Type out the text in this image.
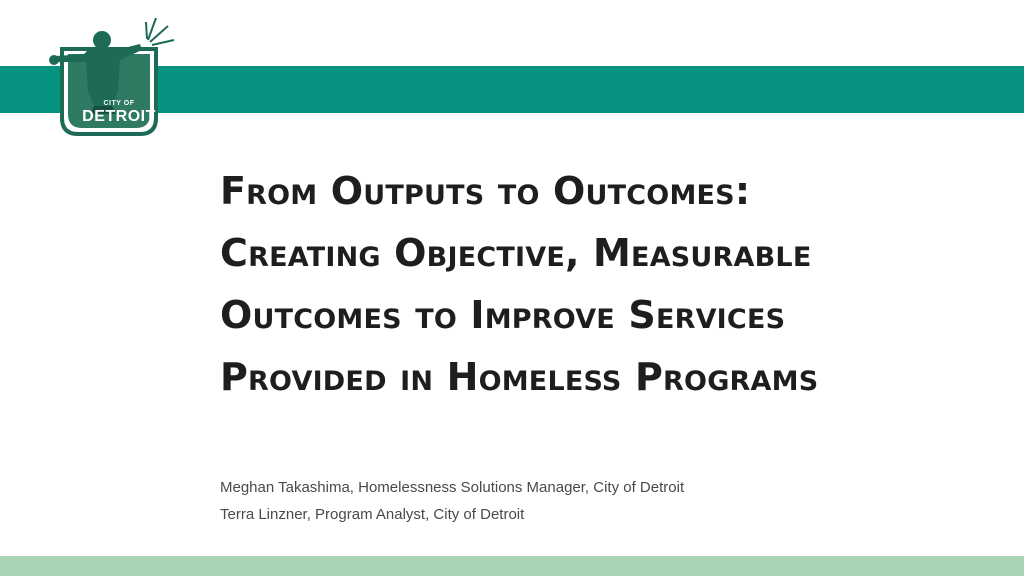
CITY OF
DETROIT
From Outputs to Outcomes:
Creating Objective, Measurable
Outcomes to Improve Services
Provided in Homeless Programs
Meghan Takashima, Homelessness Solutions Manager, City of Detroit
Terra Linzner, Program Analyst, City of Detroit
